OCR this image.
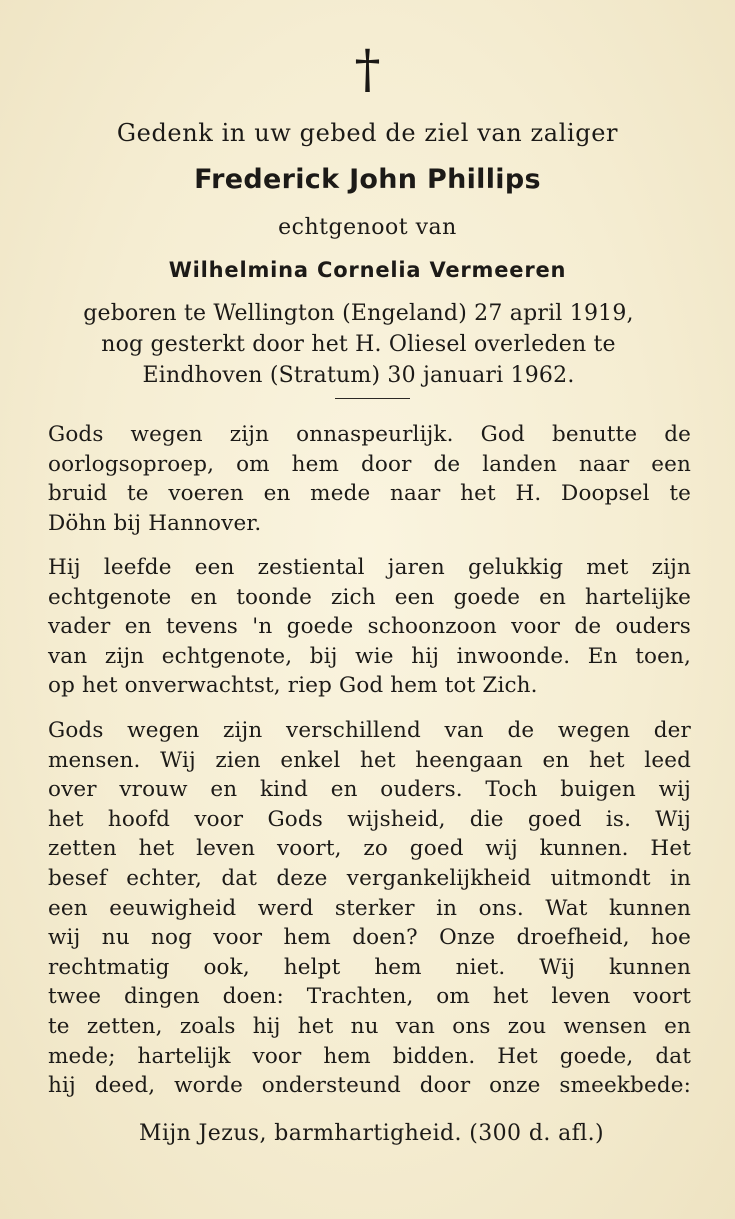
†
Gedenk in uw gebed de ziel van zaliger
Frederick John Phillips
echtgenoot van
Wilhelmina Cornelia Vermeeren
geboren te Wellington (Engeland) 27 april 1919,
nog gesterkt door het H. Oliesel overleden te
Eindhoven (Stratum) 30 januari 1962.
Gods wegen zijn onnaspeurlijk. God benutte de
oorlogsoproep, om hem door de landen naar een
bruid te voeren en mede naar het H. Doopsel te
Döhn bij Hannover.
Hij leefde een zestiental jaren gelukkig met zijn
echtgenote en toonde zich een goede en hartelijke
vader en tevens 'n goede schoonzoon voor de ouders
van zijn echtgenote, bij wie hij inwoonde. En toen,
op het onverwachtst, riep God hem tot Zich.
Gods wegen zijn verschillend van de wegen der
mensen. Wij zien enkel het heengaan en het leed
over vrouw en kind en ouders. Toch buigen wij
het hoofd voor Gods wijsheid, die goed is. Wij
zetten het leven voort, zo goed wij kunnen. Het
besef echter, dat deze vergankelijkheid uitmondt in
een eeuwigheid werd sterker in ons. Wat kunnen
wij nu nog voor hem doen? Onze droefheid, hoe
rechtmatig ook, helpt hem niet. Wij kunnen
twee dingen doen: Trachten, om het leven voort
te zetten, zoals hij het nu van ons zou wensen en
mede; hartelijk voor hem bidden. Het goede, dat
hij deed, worde ondersteund door onze smeekbede:
Mijn Jezus, barmhartigheid. (300 d. afl.)
